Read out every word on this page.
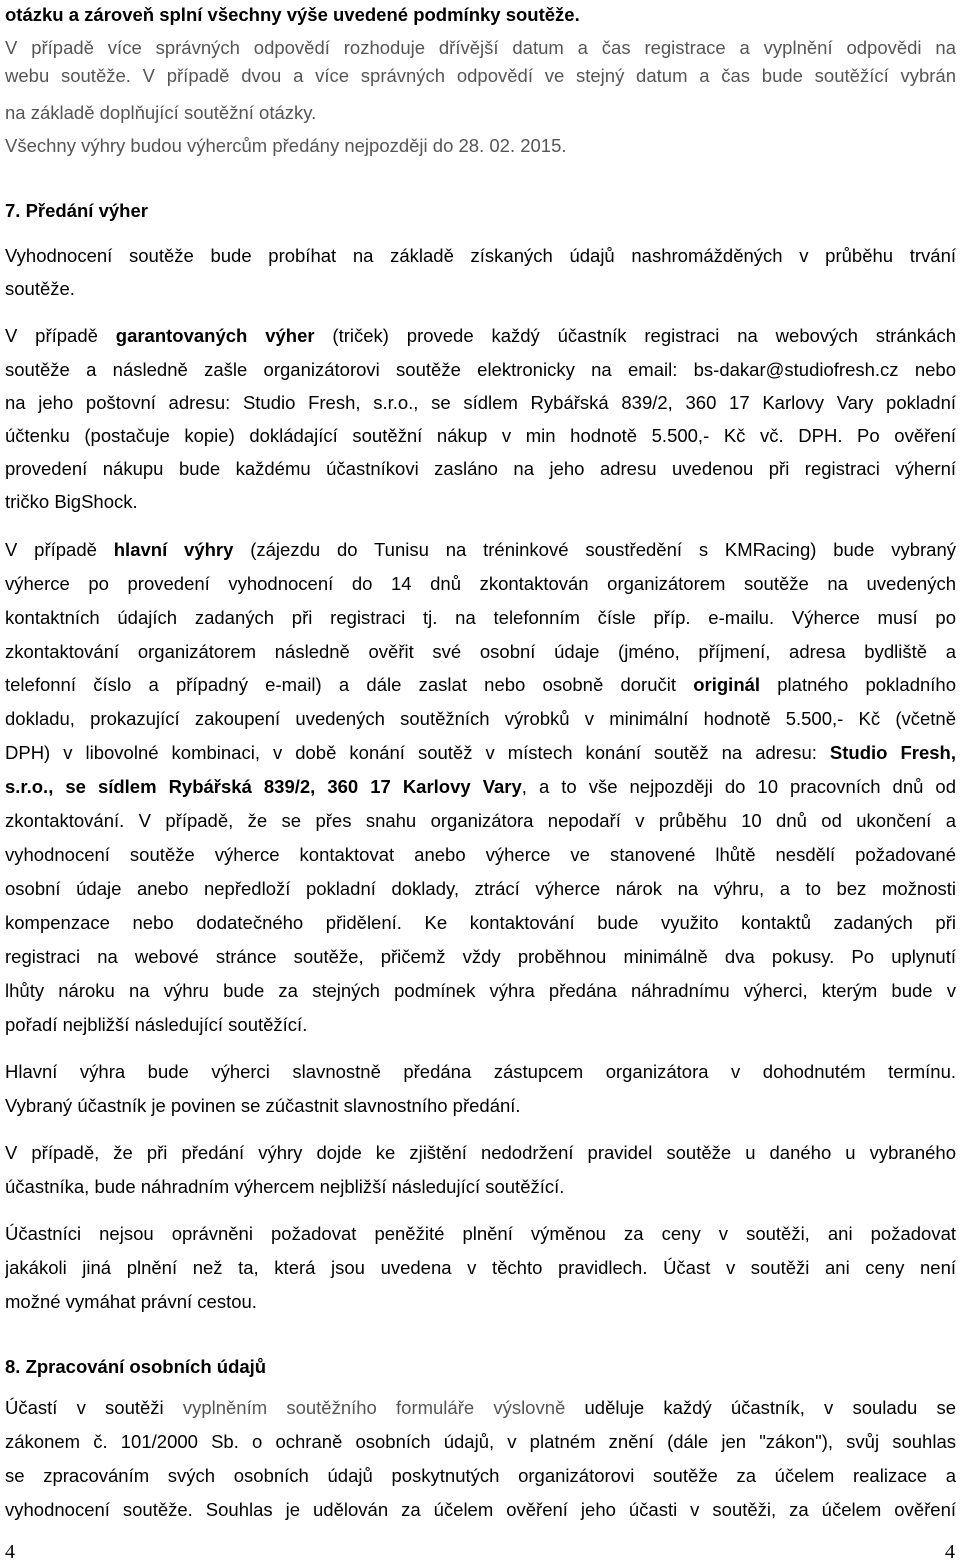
otázku a zároveň splní všechny výše uvedené podmínky soutěže.
V případě více správných odpovědí rozhoduje dřívější datum a čas registrace a vyplnění odpovědi na
webu soutěže. V případě dvou a více správných odpovědí ve stejný datum a čas bude soutěžící vybrán
na základě doplňující soutěžní otázky.
Všechny výhry budou výhercům předány nejpozději do 28. 02. 2015.
7. Předání výher
Vyhodnocení soutěže bude probíhat na základě získaných údajů nashromážděných v průběhu trvání
soutěže.
V případě garantovaných výher (triček) provede každý účastník registraci na webových stránkách
soutěže a následně zašle organizátorovi soutěže elektronicky na email: bs-dakar@studiofresh.cz nebo
na jeho poštovní adresu: Studio Fresh, s.r.o., se sídlem Rybářská 839/2, 360 17 Karlovy Vary pokladní
účtenku (postačuje kopie) dokládající soutěžní nákup v min hodnotě 5.500,- Kč vč. DPH. Po ověření
provedení nákupu bude každému účastníkovi zasláno na jeho adresu uvedenou při registraci výherní
tričko BigShock.
V případě hlavní výhry (zájezdu do Tunisu na tréninkové soustředění s KMRacing) bude vybraný
výherce po provedení vyhodnocení do 14 dnů zkontaktován organizátorem soutěže na uvedených
kontaktních údajích zadaných při registraci tj. na telefonním čísle příp. e-mailu. Výherce musí po
zkontaktování organizátorem následně ověřit své osobní údaje (jméno, příjmení, adresa bydliště a
telefonní číslo a případný e-mail) a dále zaslat nebo osobně doručit originál platného pokladního
dokladu, prokazující zakoupení uvedených soutěžních výrobků v minimální hodnotě 5.500,- Kč (včetně
DPH) v libovolné kombinaci, v době konání soutěž v místech konání soutěž na adresu: Studio Fresh,
s.r.o., se sídlem Rybářská 839/2, 360 17 Karlovy Vary, a to vše nejpozději do 10 pracovních dnů od
zkontaktování. V případě, že se přes snahu organizátora nepodaří v průběhu 10 dnů od ukončení a
vyhodnocení soutěže výherce kontaktovat anebo výherce ve stanovené lhůtě nesdělí požadované
osobní údaje anebo nepředloží pokladní doklady, ztrácí výherce nárok na výhru, a to bez možnosti
kompenzace nebo dodatečného přidělení. Ke kontaktování bude využito kontaktů zadaných při
registraci na webové stránce soutěže, přičemž vždy proběhnou minimálně dva pokusy. Po uplynutí
lhůty nároku na výhru bude za stejných podmínek výhra předána náhradnímu výherci, kterým bude v
pořadí nejbližší následující soutěžící.
Hlavní výhra bude výherci slavnostně předána zástupcem organizátora v dohodnutém termínu.
Vybraný účastník je povinen se zúčastnit slavnostního předání.
V případě, že při předání výhry dojde ke zjištění nedodržení pravidel soutěže u daného u vybraného
účastníka, bude náhradním výhercem nejbližší následující soutěžící.
Účastníci nejsou oprávněni požadovat peněžité plnění výměnou za ceny v soutěži, ani požadovat
jakákoli jiná plnění než ta, která jsou uvedena v těchto pravidlech. Účast v soutěži ani ceny není
možné vymáhat právní cestou.
8. Zpracování osobních údajů
Účastí v soutěži vyplněním soutěžního formuláře výslovně uděluje každý účastník, v souladu se
zákonem č. 101/2000 Sb. o ochraně osobních údajů, v platném znění (dále jen "zákon"), svůj souhlas
se zpracováním svých osobních údajů poskytnutých organizátorovi soutěže za účelem realizace a
vyhodnocení soutěže. Souhlas je udělován za účelem ověření jeho účasti v soutěži, za účelem ověření
4	4
